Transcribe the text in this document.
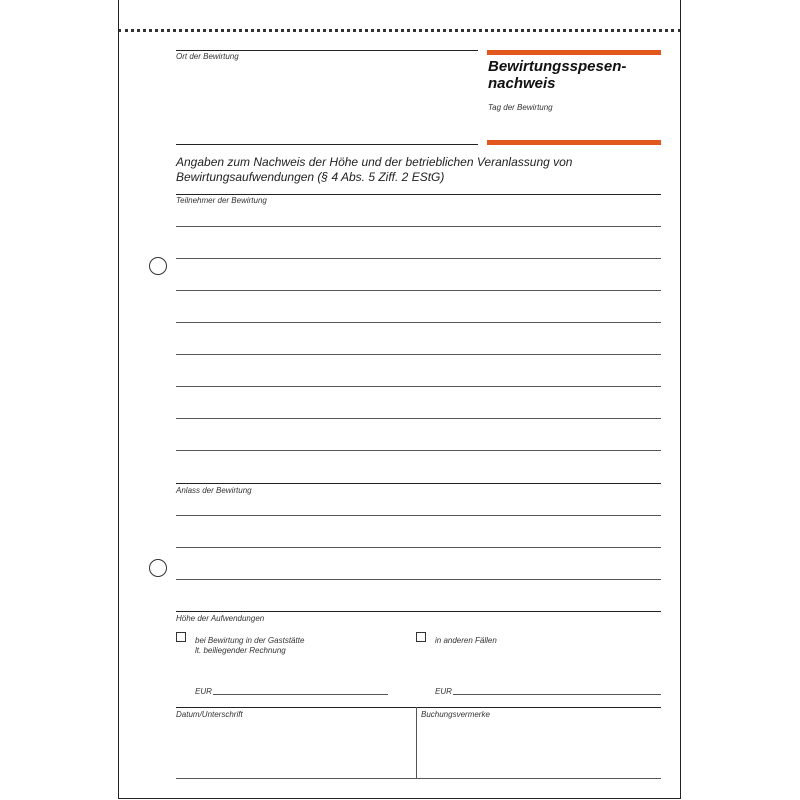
Ort der Bewirtung
Bewirtungsspesen-
nachweis
Tag der Bewirtung
Angaben zum Nachweis der Höhe und der betrieblichen Veranlassung von Bewirtungsaufwendungen (§ 4 Abs. 5 Ziff. 2 EStG)
Teilnehmer der Bewirtung
Anlass der Bewirtung
Höhe der Aufwendungen
bei Bewirtung in der Gaststätte
lt. beiliegender Rechnung
in anderen Fällen
EUR	EUR
Datum/Unterschrift	Buchungsvermerke
